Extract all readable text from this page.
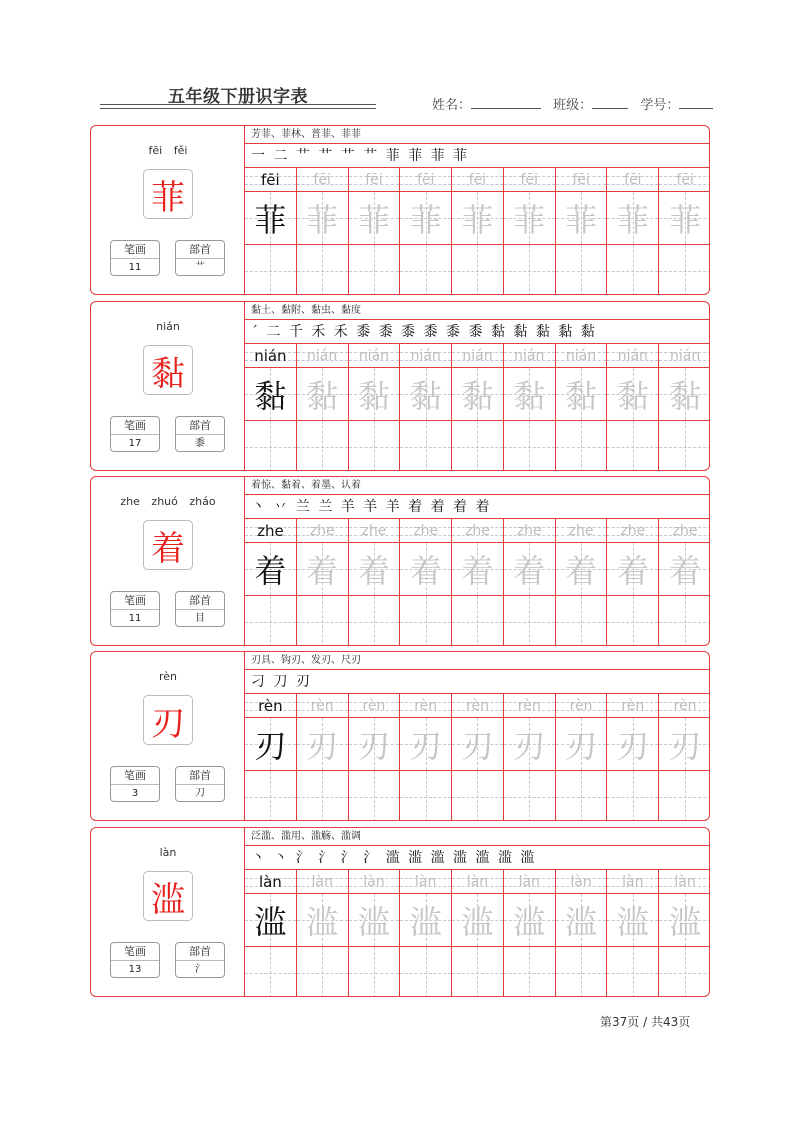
五年级下册识字表	姓名：	班级：	学号：
fēi fěi
菲
笔画
11
部首
艹
芳菲、菲林、普菲、菲菲
一 二 艹 艹 艹 艹 菲 菲 菲 菲
fēi	fēi	fēi	fēi	fēi	fēi	fēi	fēi	fēi
菲 菲 菲 菲 菲 菲 菲 菲 菲
nián
黏
笔画
17
部首
黍
黏土、黏附、黏虫、黏度
ˊ 二 千 禾 禾 黍 黍 黍 黍 黍 黍 黏 黏 黏 黏 黏
nián	nián	nián	nián	nián	nián	nián	nián	nián
黏 黏 黏 黏 黏 黏 黏 黏 黏
zhe zhuó zháo
着
笔画
11
部首
目
着惊、黏着、着墨、认着
丶 丷 兰 兰 羊 羊 羊 着 着 着 着
zhe	zhe	zhe	zhe	zhe	zhe	zhe	zhe	zhe
着 着 着 着 着 着 着 着 着
rèn
刃
笔画
3
部首
刀
刃具、钩刃、发刃、尺刃
刁 刀 刃
rèn	rèn	rèn	rèn	rèn	rèn	rèn	rèn	rèn
刃 刃 刃 刃 刃 刃 刃 刃 刃
làn
滥
笔画
13
部首
氵
泛滥、滥用、滥觞、滥调
丶 丶 氵 氵 氵 氵 滥 滥 滥 滥 滥 滥 滥
làn	làn	làn	làn	làn	làn	làn	làn	làn
滥 滥 滥 滥 滥 滥 滥 滥 滥
第37页 / 共43页
